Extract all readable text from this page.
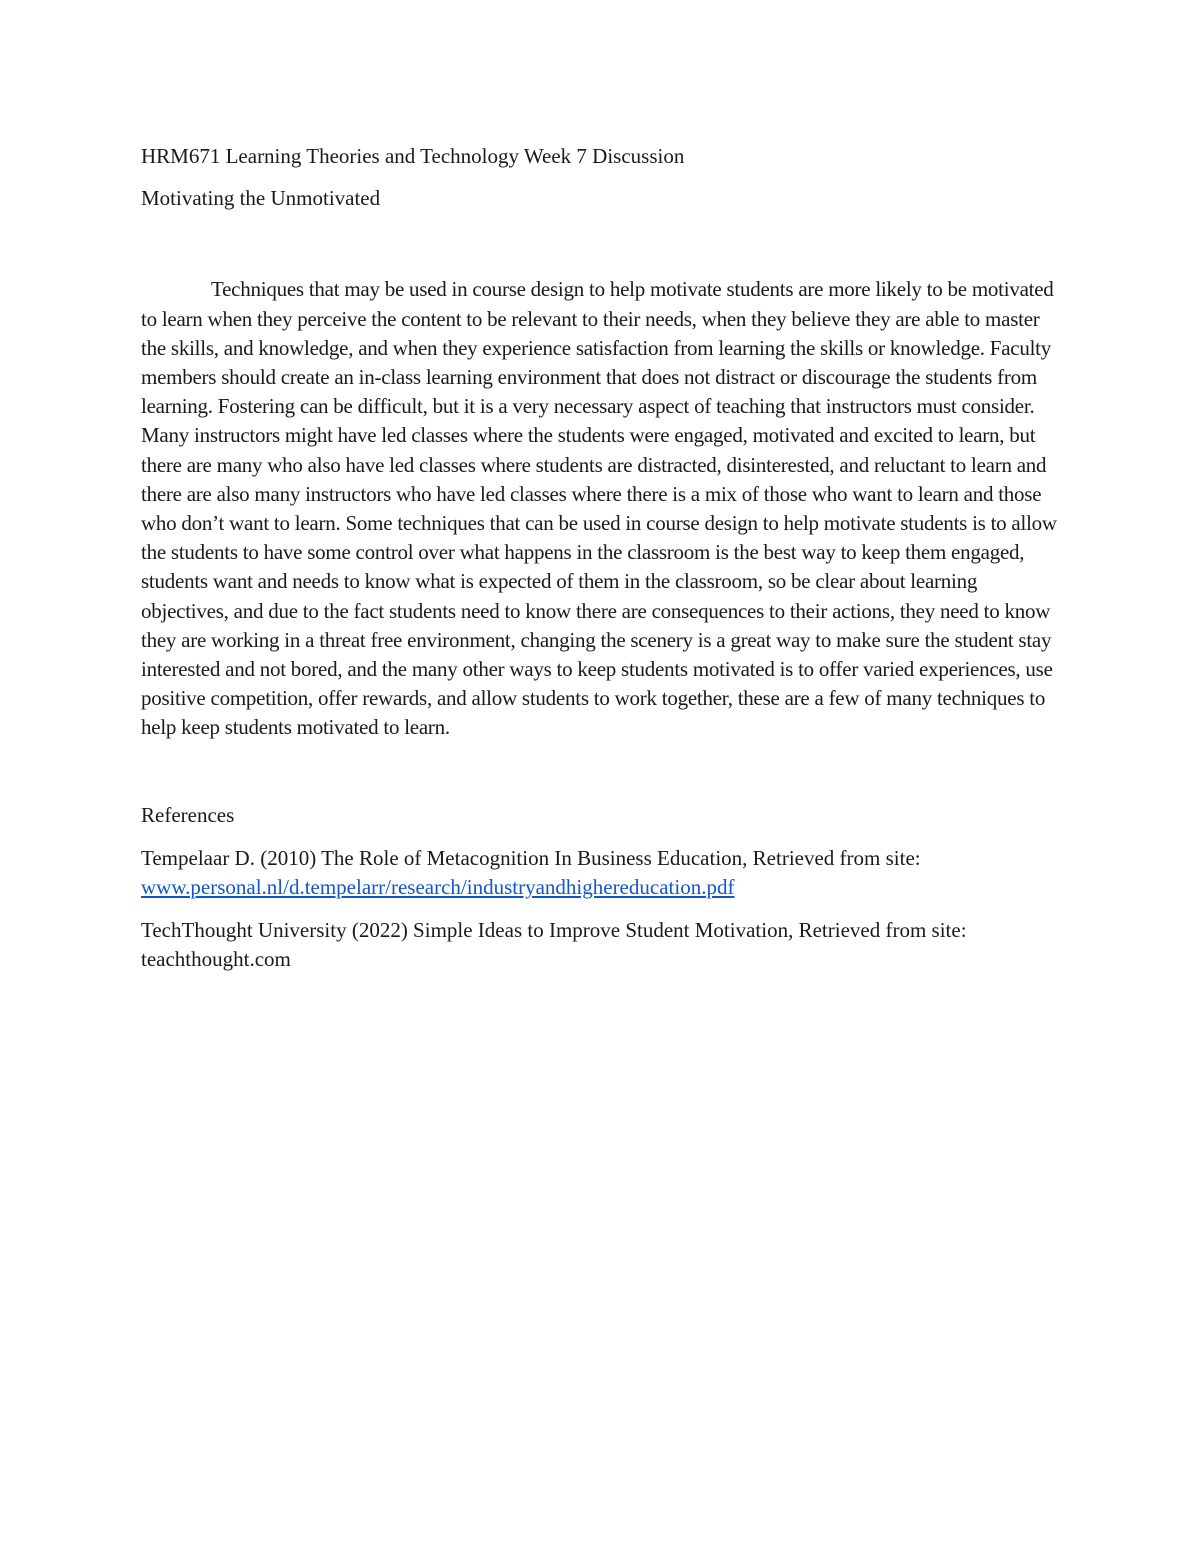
HRM671 Learning Theories and Technology Week 7 Discussion

Motivating the Unmotivated

Techniques that may be used in course design to help motivate students are more likely to be motivated to learn when they perceive the content to be relevant to their needs, when they believe they are able to master the skills, and knowledge, and when they experience satisfaction from learning the skills or knowledge. Faculty members should create an in-class learning environment that does not distract or discourage the students from learning. Fostering can be difficult, but it is a very necessary aspect of teaching that instructors must consider. Many instructors might have led classes where the students were engaged, motivated and excited to learn, but there are many who also have led classes where students are distracted, disinterested, and reluctant to learn and there are also many instructors who have led classes where there is a mix of those who want to learn and those who don’t want to learn. Some techniques that can be used in course design to help motivate students is to allow the students to have some control over what happens in the classroom is the best way to keep them engaged, students want and needs to know what is expected of them in the classroom, so be clear about learning objectives, and due to the fact students need to know there are consequences to their actions, they need to know they are working in a threat free environment, changing the scenery is a great way to make sure the student stay interested and not bored, and the many other ways to keep students motivated is to offer varied experiences, use positive competition, offer rewards, and allow students to work together, these are a few of many techniques to help keep students motivated to learn.

References

Tempelaar D. (2010) The Role of Metacognition In Business Education, Retrieved from site: www.personal.nl/d.tempelarr/research/industryandhighereducation.pdf

TechThought University (2022) Simple Ideas to Improve Student Motivation, Retrieved from site: teachthought.com
